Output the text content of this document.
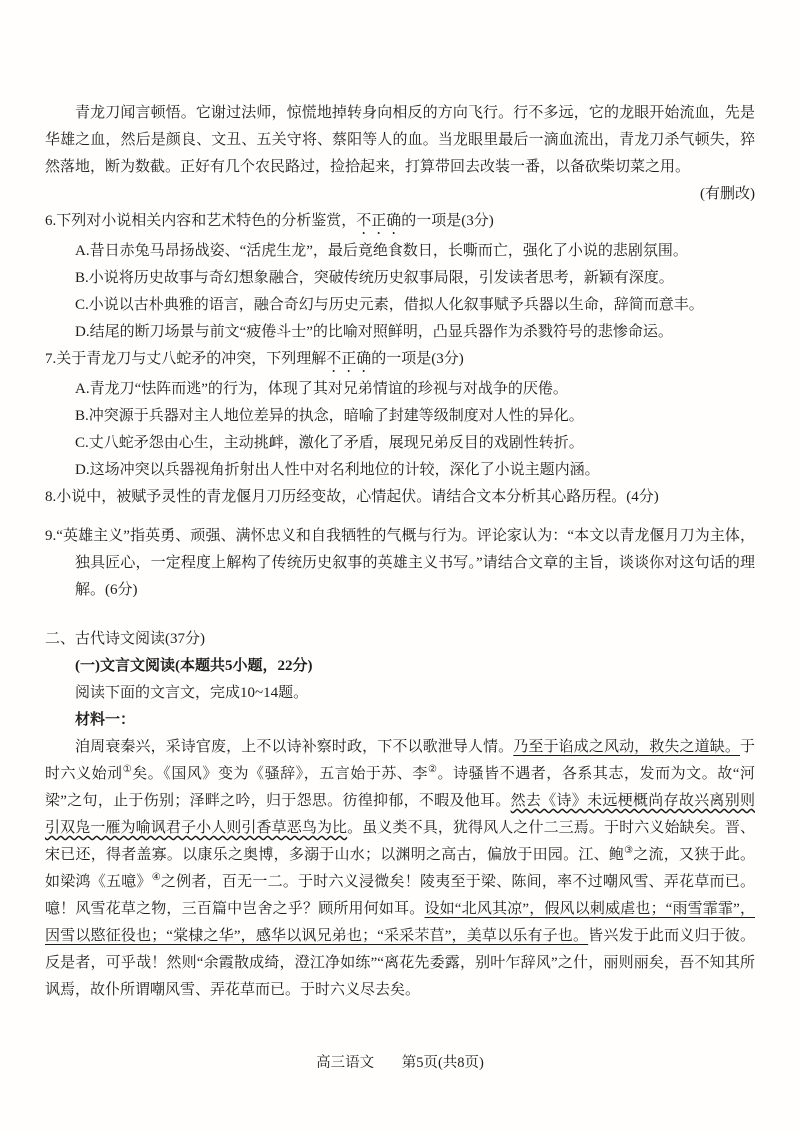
青龙刀闻言顿悟。它谢过法师，惊慌地掉转身向相反的方向飞行。行不多远，它的龙眼开始流血，先是华雄之血，然后是颜良、文丑、五关守将、蔡阳等人的血。当龙眼里最后一滴血流出，青龙刀杀气顿失，猝然落地，断为数截。正好有几个农民路过，捡拾起来，打算带回去改装一番，以备砍柴切菜之用。

(有删改)

6.下列对小说相关内容和艺术特色的分析鉴赏，不正确的一项是(3分)

A.昔日赤兔马昂扬战姿、“活虎生龙”，最后竟绝食数日，长嘶而亡，强化了小说的悲剧氛围。

B.小说将历史故事与奇幻想象融合，突破传统历史叙事局限，引发读者思考，新颖有深度。

C.小说以古朴典雅的语言，融合奇幻与历史元素，借拟人化叙事赋予兵器以生命，辞简而意丰。

D.结尾的断刀场景与前文“疲倦斗士”的比喻对照鲜明，凸显兵器作为杀戮符号的悲惨命运。

7.关于青龙刀与丈八蛇矛的冲突，下列理解不正确的一项是(3分)

A.青龙刀“怯阵而逃”的行为，体现了其对兄弟情谊的珍视与对战争的厌倦。

B.冲突源于兵器对主人地位差异的执念，暗喻了封建等级制度对人性的异化。

C.丈八蛇矛怨由心生，主动挑衅，激化了矛盾，展现兄弟反目的戏剧性转折。

D.这场冲突以兵器视角折射出人性中对名利地位的计较，深化了小说主题内涵。

8.小说中，被赋予灵性的青龙偃月刀历经变故，心情起伏。请结合文本分析其心路历程。(4分)

9.“英雄主义”指英勇、顽强、满怀忠义和自我牺牲的气概与行为。评论家认为：“本文以青龙偃月刀为主体，独具匠心，一定程度上解构了传统历史叙事的英雄主义书写。”请结合文章的主旨，谈谈你对这句话的理解。(6分)

二、古代诗文阅读(37分)

(一)文言文阅读(本题共5小题，22分)

阅读下面的文言文，完成10~14题。

材料一：

洎周衰秦兴，采诗官废，上不以诗补察时政，下不以歌泄导人情。乃至于谄成之风动，救失之道缺。于时六义始刓①矣。《国风》变为《骚辞》，五言始于苏、李②。诗骚皆不遇者，各系其志，发而为文。故“河梁”之句，止于伤别；泽畔之吟，归于怨思。彷徨抑郁，不暇及他耳。然去《诗》未远梗概尚存故兴离别则引双凫一雁为喻讽君子小人则引香草恶鸟为比。虽义类不具，犹得风人之什二三焉。于时六义始缺矣。晋、宋已还，得者盖寡。以康乐之奥博，多溺于山水；以渊明之高古，偏放于田园。江、鲍③之流，又狭于此。如梁鸿《五噫》④之例者，百无一二。于时六义浸微矣！陵夷至于梁、陈间，率不过嘲风雪、弄花草而已。噫！风雪花草之物，三百篇中岂舍之乎？顾所用何如耳。设如“北风其凉”，假风以刺威虐也；“雨雪霏霏”，因雪以愍征役也；“棠棣之华”，感华以讽兄弟也；“采采芣苢”，美草以乐有子也。皆兴发于此而义归于彼。反是者，可乎哉！然则“余霞散成绮，澄江净如练”“离花先委露，别叶乍辞风”之什，丽则丽矣，吾不知其所讽焉，故仆所谓嘲风雪、弄花草而已。于时六义尽去矣。

高三语文 第5页(共8页)
